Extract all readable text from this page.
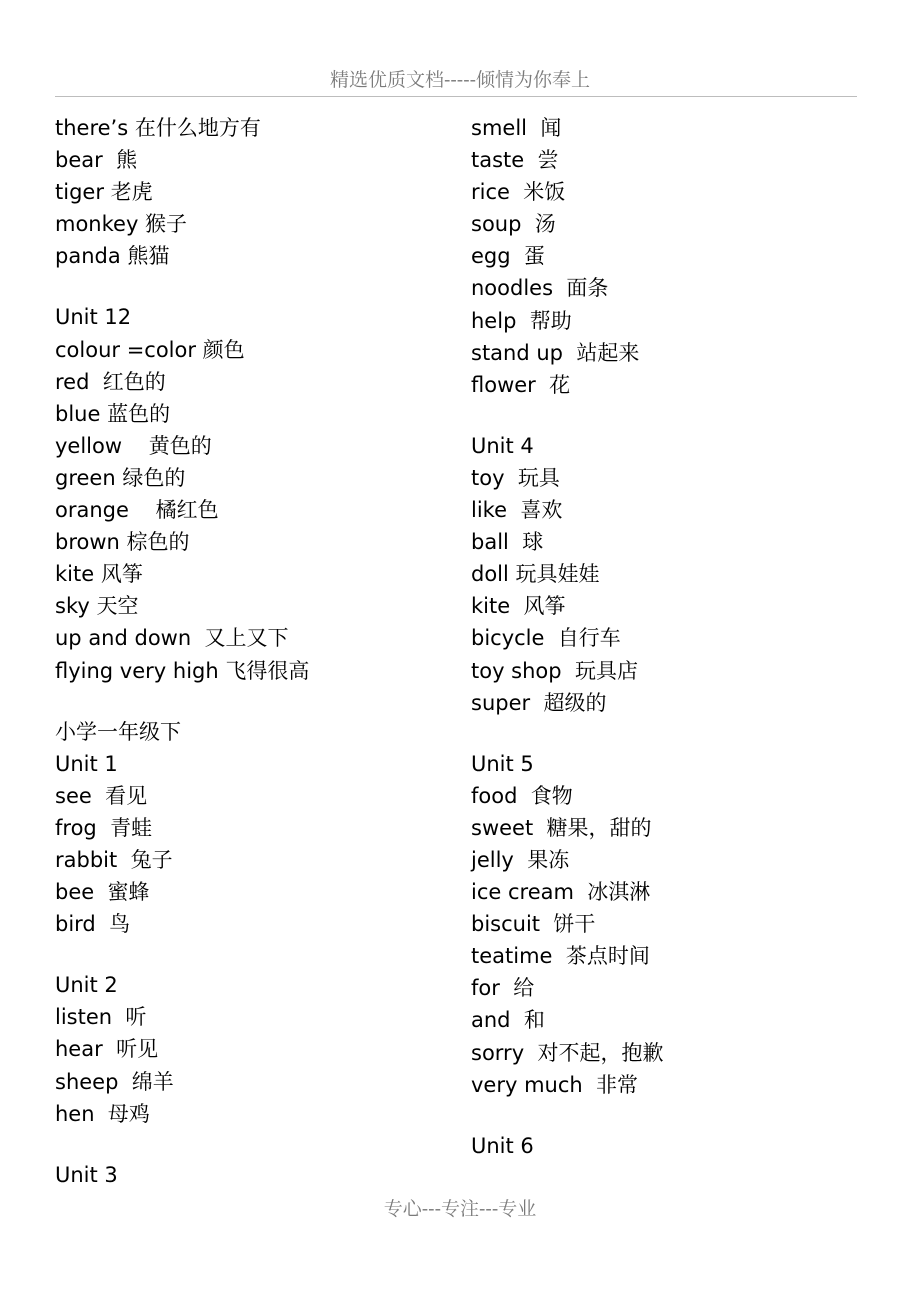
精选优质文档-----倾情为你奉上
there’s 在什么地方有
bear  熊
tiger 老虎
monkey 猴子
panda 熊猫
Unit 12
colour =color 颜色
red  红色的
blue 蓝色的
yellow    黄色的
green 绿色的
orange    橘红色
brown 棕色的
kite 风筝
sky 天空
up and down  又上又下
flying very high 飞得很高
小学一年级下
Unit 1
see  看见
frog  青蛙
rabbit  兔子
bee  蜜蜂
bird  鸟
Unit 2
listen  听
hear  听见
sheep  绵羊
hen  母鸡
Unit 3
smell  闻
taste  尝
rice  米饭
soup  汤
egg  蛋
noodles  面条
help  帮助
stand up  站起来
flower  花
Unit 4
toy  玩具
like  喜欢
ball  球
doll 玩具娃娃
kite  风筝
bicycle  自行车
toy shop  玩具店
super  超级的
Unit 5
food  食物
sweet  糖果，甜的
jelly  果冻
ice cream  冰淇淋
biscuit  饼干
teatime  茶点时间
for  给
and  和
sorry  对不起，抱歉
very much  非常
Unit 6
专心---专注---专业
